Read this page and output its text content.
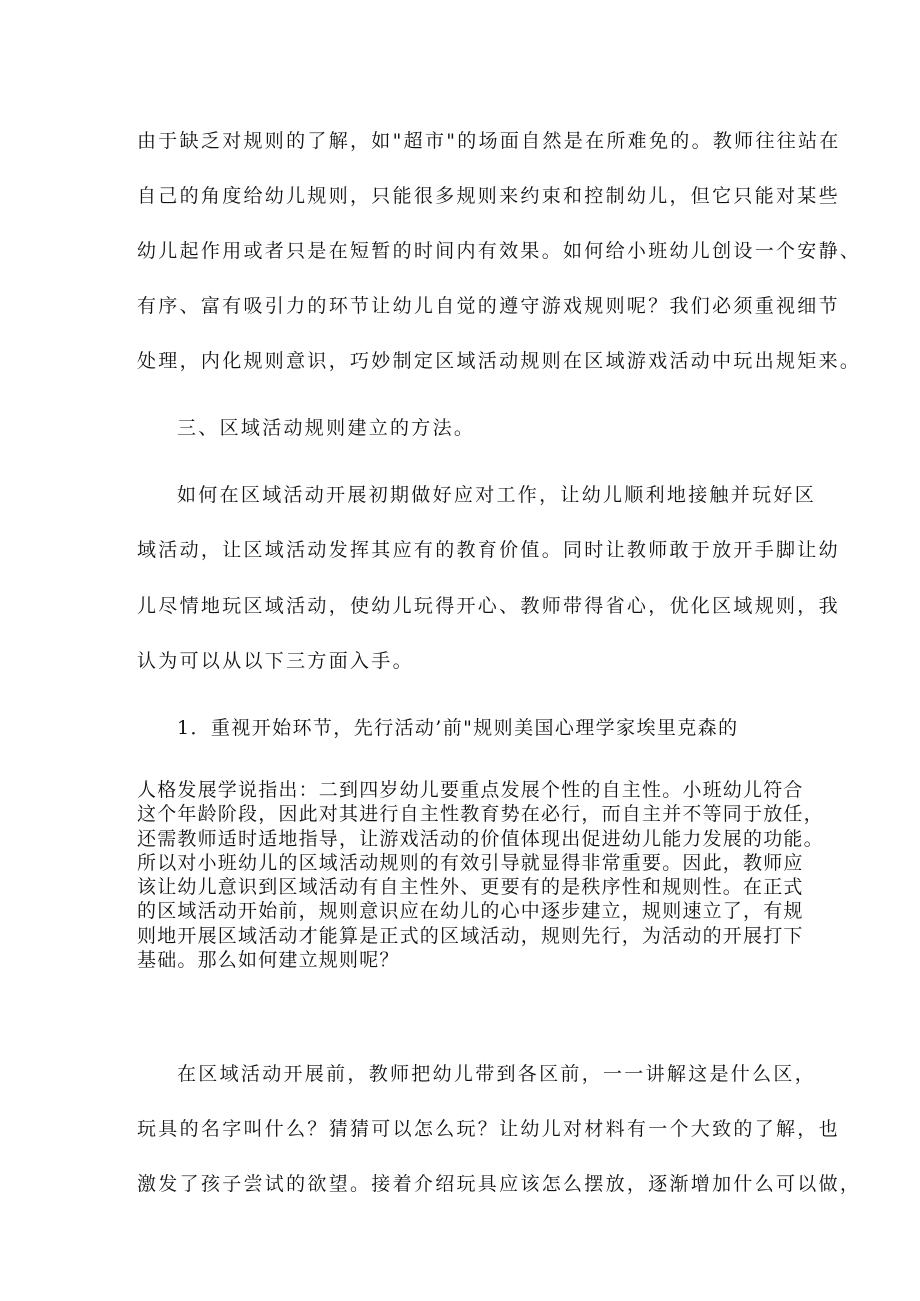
由于缺乏对规则的了解，如"超市"的场面自然是在所难免的。教师往往站在

自己的角度给幼儿规则，只能很多规则来约束和控制幼儿，但它只能对某些

幼儿起作用或者只是在短暂的时间内有效果。如何给小班幼儿创设一个安静、

有序、富有吸引力的环节让幼儿自觉的遵守游戏规则呢？我们必须重视细节

处理，内化规则意识，巧妙制定区域活动规则在区域游戏活动中玩出规矩来。

三、区域活动规则建立的方法。

如何在区域活动开展初期做好应对工作，让幼儿顺利地接触并玩好区

域活动，让区域活动发挥其应有的教育价值。同时让教师敢于放开手脚让幼

儿尽情地玩区域活动，使幼儿玩得开心、教师带得省心，优化区域规则，我

认为可以从以下三方面入手。

1．重视开始环节，先行活动’前"规则美国心理学家埃里克森的

人格发展学说指出：二到四岁幼儿要重点发展个性的自主性。小班幼儿符合
这个年龄阶段，因此对其进行自主性教育势在必行，而自主并不等同于放任，
还需教师适时适地指导，让游戏活动的价值体现出促进幼儿能力发展的功能。
所以对小班幼儿的区域活动规则的有效引导就显得非常重要。因此，教师应
该让幼儿意识到区域活动有自主性外、更要有的是秩序性和规则性。在正式
的区域活动开始前，规则意识应在幼儿的心中逐步建立，规则速立了，有规
则地开展区域活动才能算是正式的区域活动，规则先行，为活动的开展打下
基础。那么如何建立规则呢？

在区域活动开展前，教师把幼儿带到各区前，一一讲解这是什么区，

玩具的名字叫什么？猜猜可以怎么玩？让幼儿对材料有一个大致的了解，也

激发了孩子尝试的欲望。接着介绍玩具应该怎么摆放，逐渐增加什么可以做，
